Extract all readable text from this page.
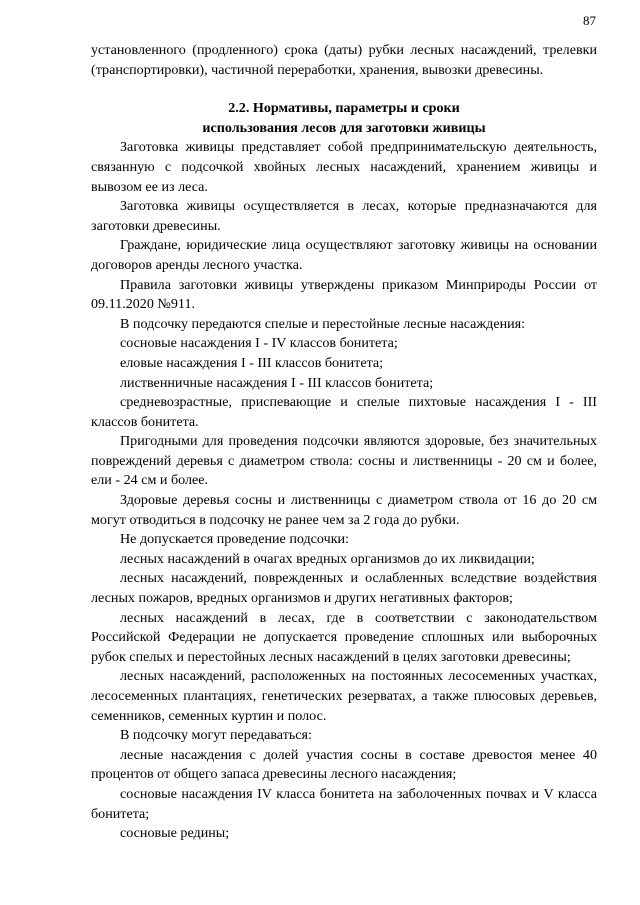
87

установленного (продленного) срока (даты) рубки лесных насаждений, трелевки (транспортировки), частичной переработки, хранения, вывозки древесины.

2.2. Нормативы, параметры и сроки
использования лесов для заготовки живицы

Заготовка живицы представляет собой предпринимательскую деятельность, связанную с подсочкой хвойных лесных насаждений, хранением живицы и вывозом ее из леса.

Заготовка живицы осуществляется в лесах, которые предназначаются для заготовки древесины.

Граждане, юридические лица осуществляют заготовку живицы на основании договоров аренды лесного участка.

Правила заготовки живицы утверждены приказом Минприроды России от 09.11.2020 №911.

В подсочку передаются спелые и перестойные лесные насаждения:

сосновые насаждения I - IV классов бонитета;

еловые насаждения I - III классов бонитета;

лиственничные насаждения I - III классов бонитета;

средневозрастные, приспевающие и спелые пихтовые насаждения I - III классов бонитета.

Пригодными для проведения подсочки являются здоровые, без значительных повреждений деревья с диаметром ствола: сосны и лиственницы - 20 см и более, ели - 24 см и более.

Здоровые деревья сосны и лиственницы с диаметром ствола от 16 до 20 см могут отводиться в подсочку не ранее чем за 2 года до рубки.

Не допускается проведение подсочки:

лесных насаждений в очагах вредных организмов до их ликвидации;

лесных насаждений, поврежденных и ослабленных вследствие воздействия лесных пожаров, вредных организмов и других негативных факторов;

лесных насаждений в лесах, где в соответствии с законодательством Российской Федерации не допускается проведение сплошных или выборочных рубок спелых и перестойных лесных насаждений в целях заготовки древесины;

лесных насаждений, расположенных на постоянных лесосеменных участках, лесосеменных плантациях, генетических резерватах, а также плюсовых деревьев, семенников, семенных куртин и полос.

В подсочку могут передаваться:

лесные насаждения с долей участия сосны в составе древостоя менее 40 процентов от общего запаса древесины лесного насаждения;

сосновые насаждения IV класса бонитета на заболоченных почвах и V класса бонитета;

сосновые редины;
